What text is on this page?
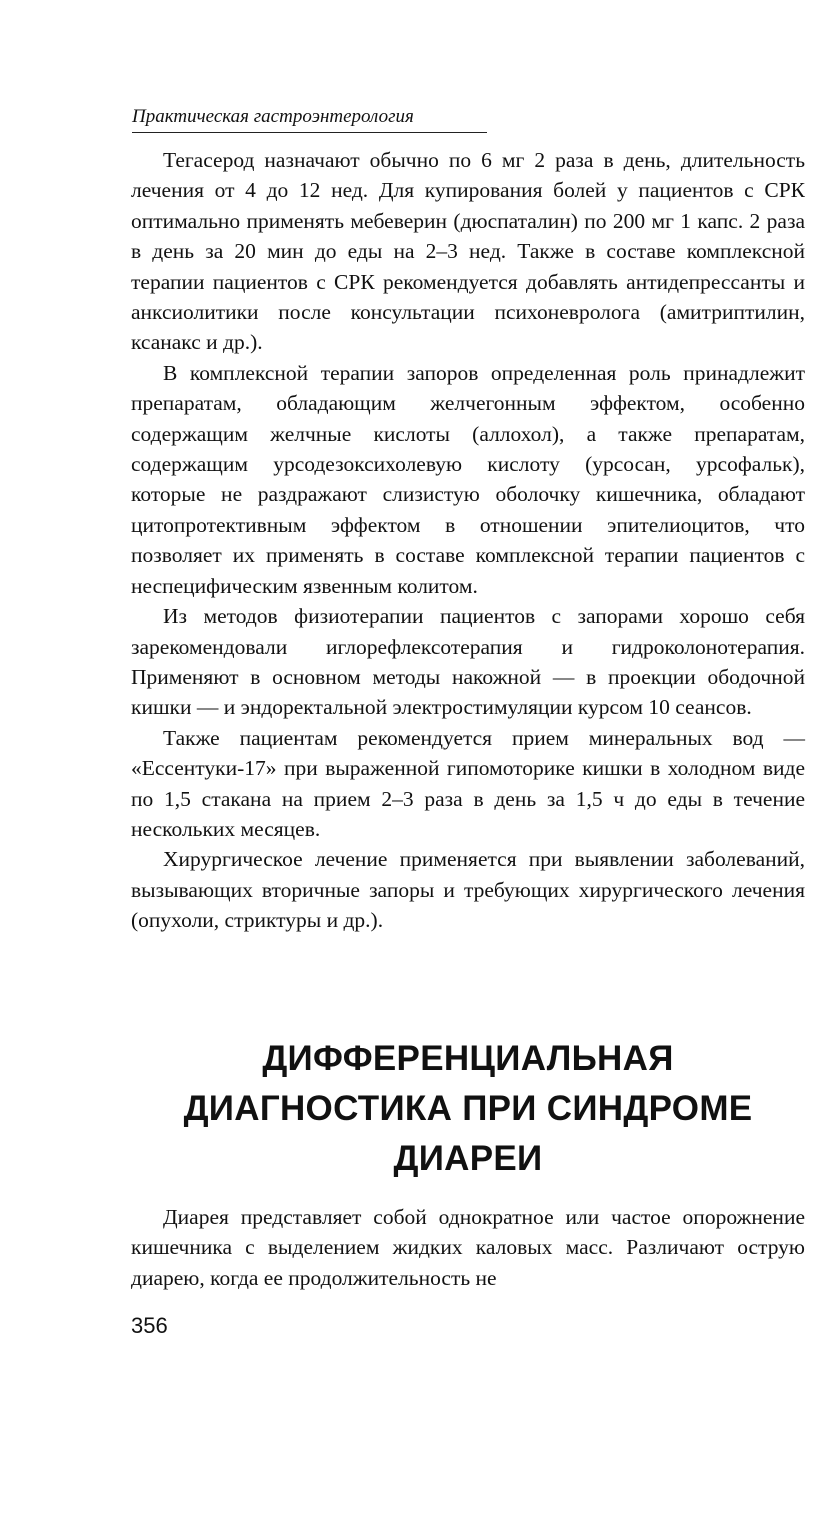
Практическая гастроэнтерология

Тегасерод назначают обычно по 6 мг 2 раза в день, длительность лечения от 4 до 12 нед. Для купирования болей у пациентов с СРК оптимально применять мебеверин (дюспаталин) по 200 мг 1 капс. 2 раза в день за 20 мин до еды на 2–3 нед. Также в составе комплексной терапии пациентов с СРК рекомендуется добавлять антидепрессанты и анксиолитики после консультации психоневролога (амитриптилин, ксанакс и др.).

В комплексной терапии запоров определенная роль принадлежит препаратам, обладающим желчегонным эффектом, особенно содержащим желчные кислоты (аллохол), а также препаратам, содержащим урсодезоксихолевую кислоту (урсосан, урсофальк), которые не раздражают слизистую оболочку кишечника, обладают цитопротективным эффектом в отношении эпителиоцитов, что позволяет их применять в составе комплексной терапии пациентов с неспецифическим язвенным колитом.

Из методов физиотерапии пациентов с запорами хорошо себя зарекомендовали иглорефлексотерапия и гидроколонотерапия. Применяют в основном методы накожной — в проекции ободочной кишки — и эндоректальной электростимуляции курсом 10 сеансов.

Также пациентам рекомендуется прием минеральных вод — «Ессентуки-17» при выраженной гипомоторике кишки в холодном виде по 1,5 стакана на прием 2–3 раза в день за 1,5 ч до еды в течение нескольких месяцев.

Хирургическое лечение применяется при выявлении заболеваний, вызывающих вторичные запоры и требующих хирургического лечения (опухоли, стриктуры и др.).

ДИФФЕРЕНЦИАЛЬНАЯ
ДИАГНОСТИКА ПРИ СИНДРОМЕ
ДИАРЕИ

Диарея представляет собой однократное или частое опорожнение кишечника с выделением жидких каловых масс. Различают острую диарею, когда ее продолжительность не

356
